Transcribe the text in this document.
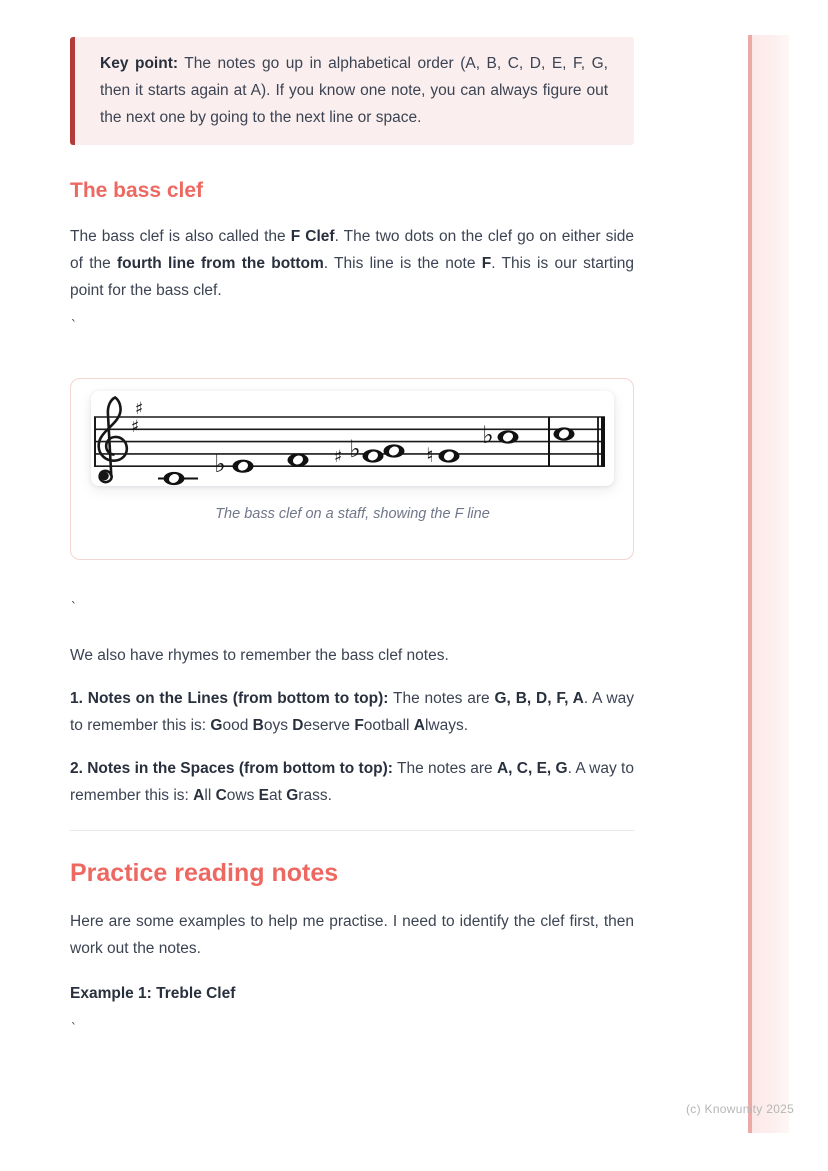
Key point: The notes go up in alphabetical order (A, B, C, D, E, F, G, then it starts again at A). If you know one note, you can always figure out the next one by going to the next line or space.
The bass clef

The bass clef is also called the F Clef. The two dots on the clef go on either side of the fourth line from the bottom. This line is the note F. This is our starting point for the bass clef.

`

♯
♯
♭	♯ ♭	♮
♭
The bass clef on a staff, showing the F line

`

We also have rhymes to remember the bass clef notes.

1. Notes on the Lines (from bottom to top): The notes are G, B, D, F, A. A way to remember this is: Good Boys Deserve Football Always.

2. Notes in the Spaces (from bottom to top): The notes are A, C, E, G. A way to remember this is: All Cows Eat Grass.

Practice reading notes

Here are some examples to help me practise. I need to identify the clef first, then work out the notes.

Example 1: Treble Clef

`

(c) Knowunity 2025
